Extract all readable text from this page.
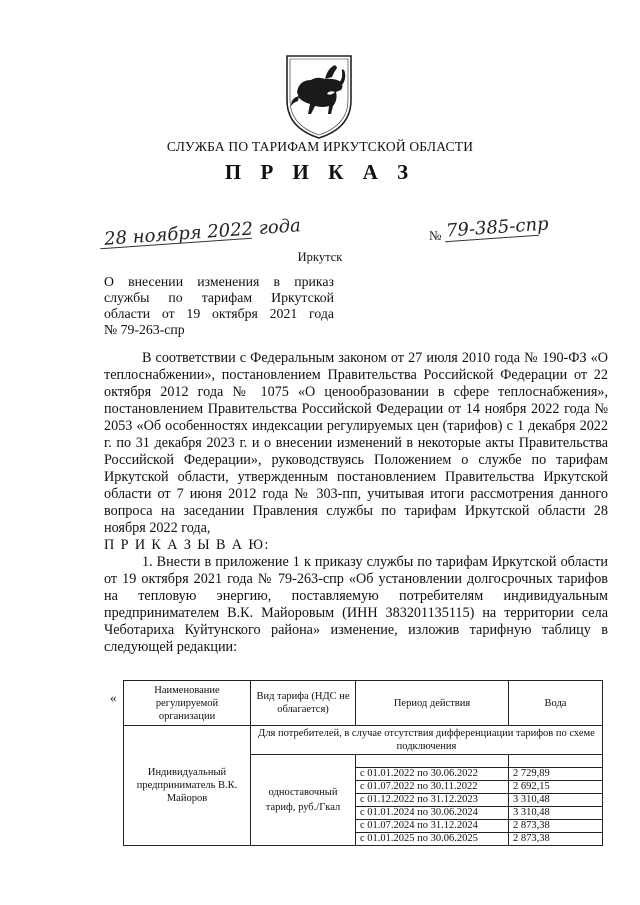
СЛУЖБА ПО ТАРИФАМ ИРКУТСКОЙ ОБЛАСТИ
П Р И К А З
28 ноября 2022 года	№ 79-385-спр
Иркутск
О внесении изменения в приказ
службы по тарифам Иркутской
области от 19 октября 2021 года
№ 79-263-спр

В соответствии с Федеральным законом от 27 июля 2010 года № 190-ФЗ «О теплоснабжении», постановлением Правительства Российской Федерации от 22 октября 2012 года № 1075 «О ценообразовании в сфере теплоснабжения», постановлением Правительства Российской Федерации от 14 ноября 2022 года № 2053 «Об особенностях индексации регулируемых цен (тарифов) с 1 декабря 2022 г. по 31 декабря 2023 г. и о внесении изменений в некоторые акты Правительства Российской Федерации», руководствуясь Положением о службе по тарифам Иркутской области, утвержденным постановлением Правительства Иркутской области от 7 июня 2012 года № 303-пп, учитывая итоги рассмотрения данного вопроса на заседании Правления службы по тарифам Иркутской области 28 ноября 2022 года,

П Р И К А З Ы В А Ю:

1. Внести в приложение 1 к приказу службы по тарифам Иркутской области от 19 октября 2021 года № 79-263-спр «Об установлении долгосрочных тарифов на тепловую энергию, поставляемую потребителям индивидуальным предпринимателем В.К. Майоровым (ИНН 383201135115) на территории села Чеботариха Куйтунского района» изменение, изложив тарифную таблицу в следующей редакции:

«	Наименование регулируемой организации	Вид тарифа (НДС не облагается)	Период действия	Вода
Индивидуальный предприниматель В.К. Майоров	Для потребителей, в случае отсутствия дифференциации тарифов по схеме подключения		
	одноставочный тариф, руб./Гкал		
		с 01.01.2022 по 30.06.2022	2 729,89
		с 01.07.2022 по 30.11.2022	2 692,15
		с 01.12.2022 по 31.12.2023	3 310,48
		с 01.01.2024 по 30.06.2024	3 310,48
		с 01.07.2024 по 31.12.2024	2 873,38
		с 01.01.2025 по 30.06.2025	2 873,38
